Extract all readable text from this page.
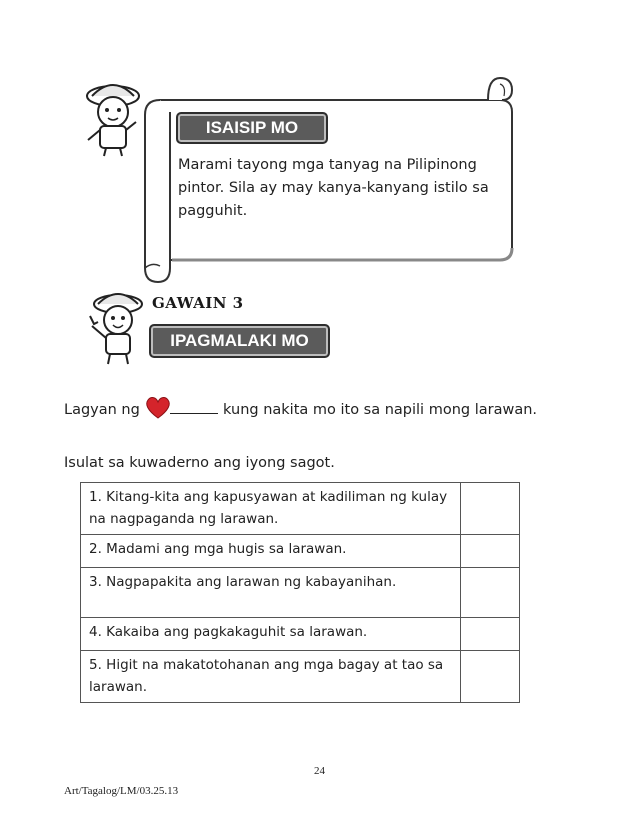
ISAISIP MO
Marami tayong mga tanyag na Pilipinong pintor. Sila ay may kanya-kanyang istilo sa pagguhit.
GAWAIN 3
IPAGMALAKI MO
Lagyan ng	kung nakita mo ito sa napili mong larawan.
Isulat sa kuwaderno ang iyong sagot.
1. Kitang-kita ang kapusyawan at kadiliman ng kulay na nagpaganda ng larawan.	
2. Madami ang mga hugis sa larawan.	
3. Nagpapakita ang larawan ng kabayanihan.	
4. Kakaiba ang pagkakaguhit sa larawan.	
5. Higit na makatotohanan ang mga bagay at tao sa larawan.	
24
Art/Tagalog/LM/03.25.13
